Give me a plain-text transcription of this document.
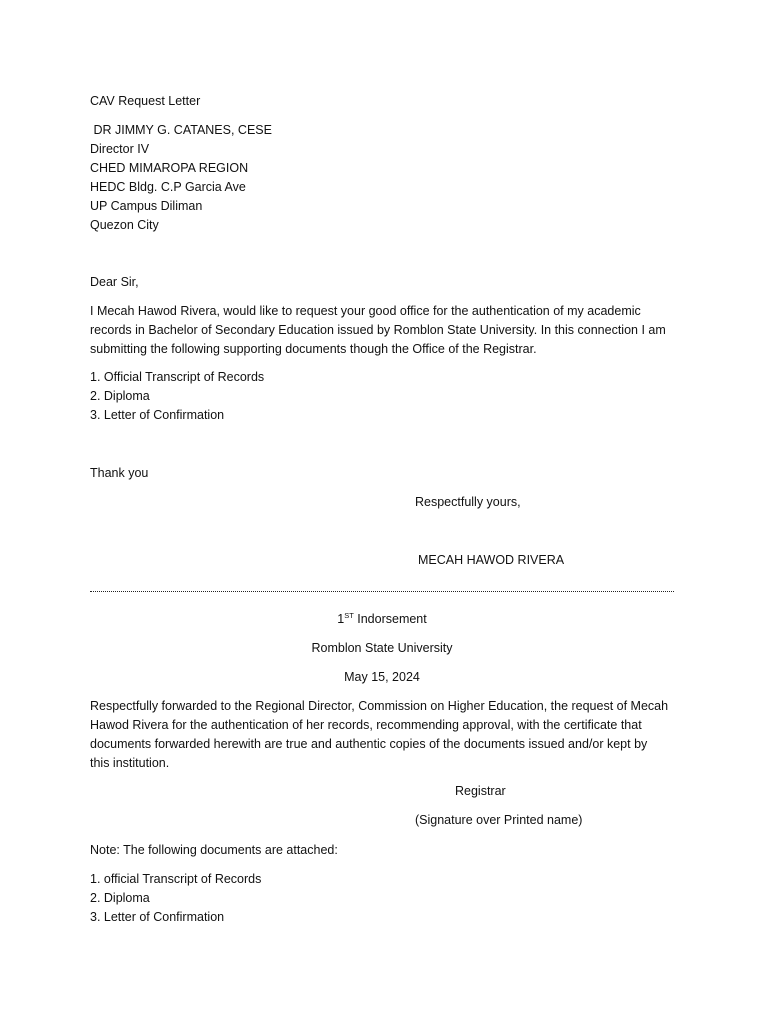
CAV Request Letter
DR JIMMY G. CATANES, CESE
Director IV
CHED MIMAROPA REGION
HEDC Bldg. C.P Garcia Ave
UP Campus Diliman
Quezon City
Dear Sir,
I Mecah Hawod Rivera, would like to request your good office for the authentication of my academic
records in Bachelor of Secondary Education issued by Romblon State University. In this connection I am
submitting the following supporting documents though the Office of the Registrar.
1. Official Transcript of Records
2. Diploma
3. Letter of Confirmation
Thank you
Respectfully yours,
MECAH HAWOD RIVERA
1ST Indorsement
Romblon State University
May 15, 2024
Respectfully forwarded to the Regional Director, Commission on Higher Education, the request of Mecah
Hawod Rivera for the authentication of her records, recommending approval, with the certificate that
documents forwarded herewith are true and authentic copies of the documents issued and/or kept by
this institution.
Registrar
(Signature over Printed name)
Note: The following documents are attached:
1. official Transcript of Records
2. Diploma
3. Letter of Confirmation
